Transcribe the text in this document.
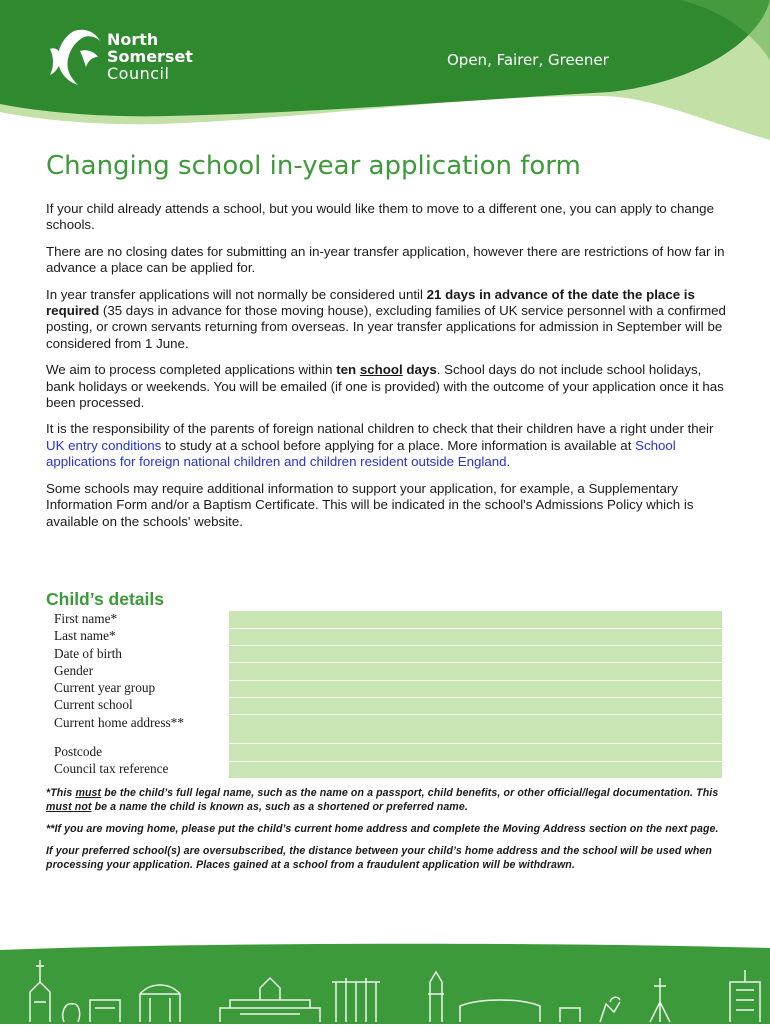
North
Somerset
Council
Open, Fairer, Greener
Changing school in-year application form

If your child already attends a school, but you would like them to move to a different one, you can apply to change schools.

There are no closing dates for submitting an in-year transfer application, however there are restrictions of how far in advance a place can be applied for.

In year transfer applications will not normally be considered until 21 days in advance of the date the place is required (35 days in advance for those moving house), excluding families of UK service personnel with a confirmed posting, or crown servants returning from overseas. In year transfer applications for admission in September will be considered from 1 June.

We aim to process completed applications within ten school days. School days do not include school holidays, bank holidays or weekends. You will be emailed (if one is provided) with the outcome of your application once it has been processed.

It is the responsibility of the parents of foreign national children to check that their children have a right under their UK entry conditions to study at a school before applying for a place. More information is available at School applications for foreign national children and children resident outside England.

Some schools may require additional information to support your application, for example, a Supplementary Information Form and/or a Baptism Certificate. This will be indicated in the school's Admissions Policy which is available on the schools' website.

Child’s details
First name*	
Last name*	
Date of birth	
Gender	
Current year group	
Current school	
Current home address**	
Postcode	
Council tax reference	

*This must be the child’s full legal name, such as the name on a passport, child benefits, or other official/legal documentation. This must not be a name the child is known as, such as a shortened or preferred name.

**If you are moving home, please put the child’s current home address and complete the Moving Address section on the next page.

If your preferred school(s) are oversubscribed, the distance between your child’s home address and the school will be used when processing your application. Places gained at a school from a fraudulent application will be withdrawn.
